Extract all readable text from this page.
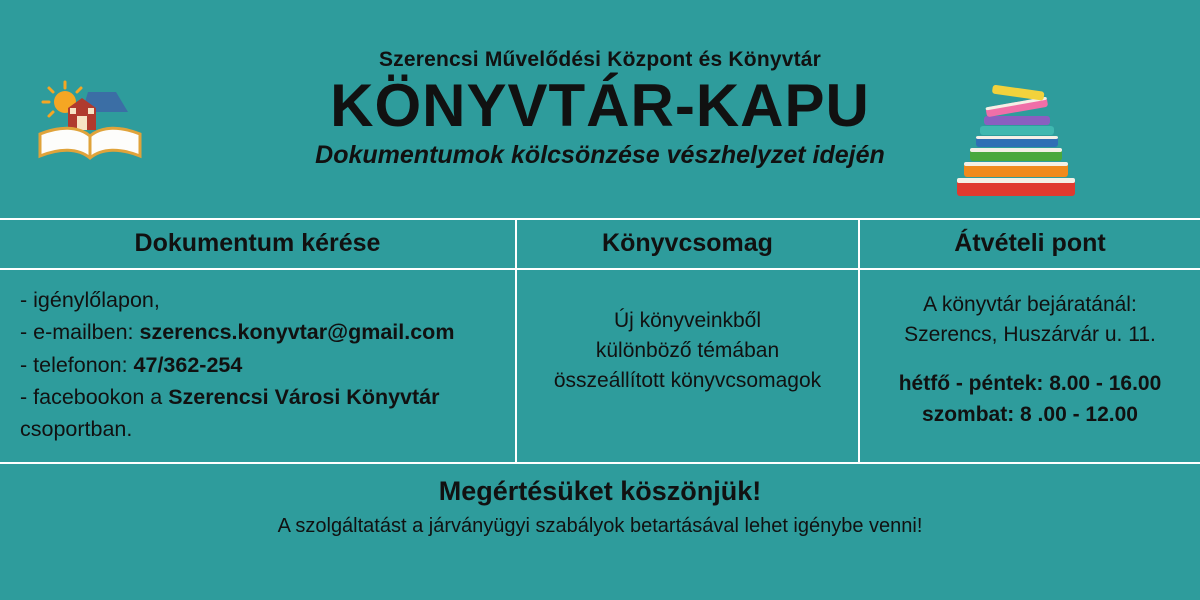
Szerencsi Művelődési Központ és Könyvtár
KÖNYVTÁR-KAPU
Dokumentumok kölcsönzése vészhelyzet idején
Dokumentum kérése
- igénylőlapon,
- e-mailben: szerencs.konyvtar@gmail.com
- telefonon: 47/362-254
- facebookon a Szerencsi Városi Könyvtár
csoportban.
Könyvcsomag
Új könyveinkből
különböző témában
összeállított könyvcsomagok
Átvételi pont
A könyvtár bejáratánál:
Szerencs, Huszárvár u. 11.
hétfő - péntek: 8.00 - 16.00
szombat: 8 .00 - 12.00
Megértésüket köszönjük!
A szolgáltatást a járványügyi szabályok betartásával lehet igénybe venni!
